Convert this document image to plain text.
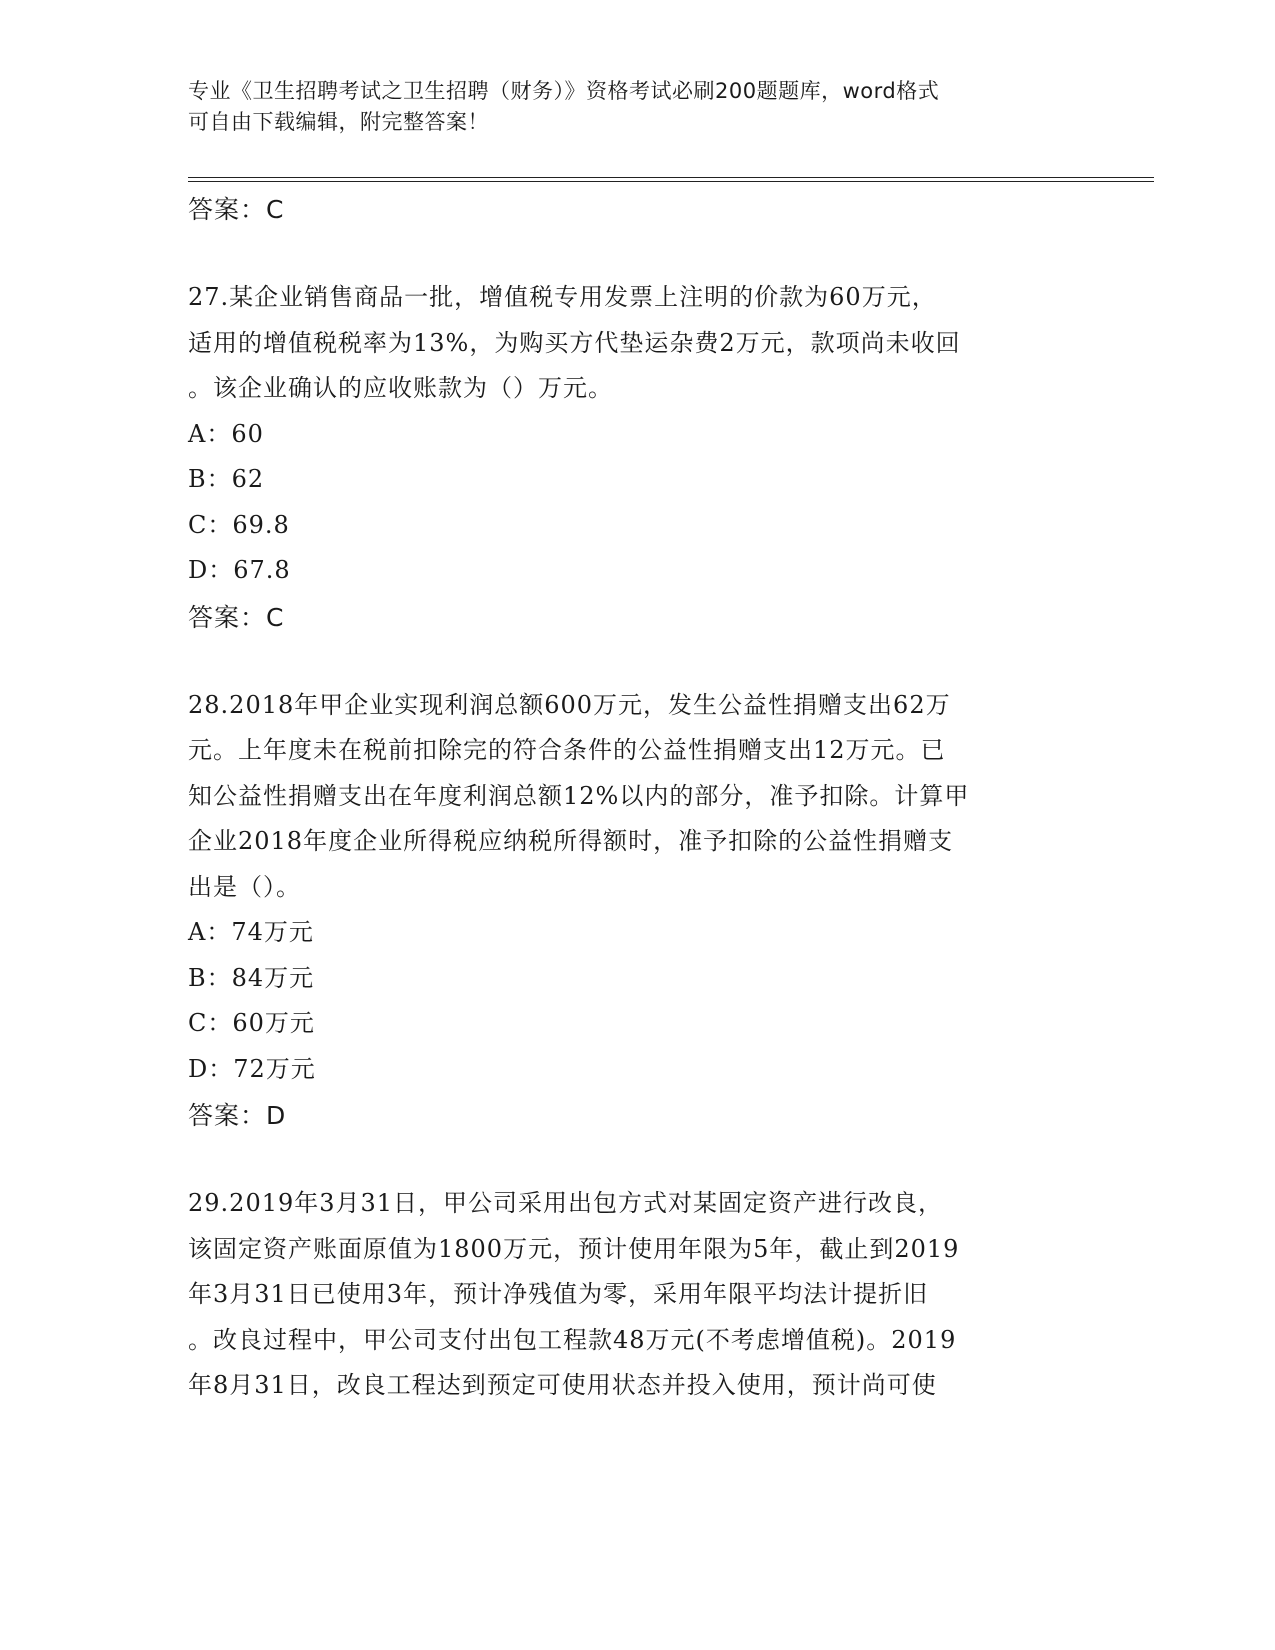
专业《卫生招聘考试之卫生招聘（财务）》资格考试必刷200题题库，word格式
可自由下载编辑，附完整答案！
答案：C

27.某企业销售商品一批，增值税专用发票上注明的价款为60万元，

适用的增值税税率为13%，为购买方代垫运杂费2万元，款项尚未收回

。该企业确认的应收账款为（）万元。

A：60

B：62

C：69.8

D：67.8

答案：C

28.2018年甲企业实现利润总额600万元，发生公益性捐赠支出62万

元。上年度未在税前扣除完的符合条件的公益性捐赠支出12万元。已

知公益性捐赠支出在年度利润总额12%以内的部分，准予扣除。计算甲

企业2018年度企业所得税应纳税所得额时，准予扣除的公益性捐赠支

出是（）。

A：74万元

B：84万元

C：60万元

D：72万元

答案：D

29.2019年3月31日，甲公司采用出包方式对某固定资产进行改良，

该固定资产账面原值为1800万元，预计使用年限为5年，截止到2019

年3月31日已使用3年，预计净残值为零，采用年限平均法计提折旧

。改良过程中，甲公司支付出包工程款48万元(不考虑增值税)。2019

年8月31日，改良工程达到预定可使用状态并投入使用，预计尚可使
